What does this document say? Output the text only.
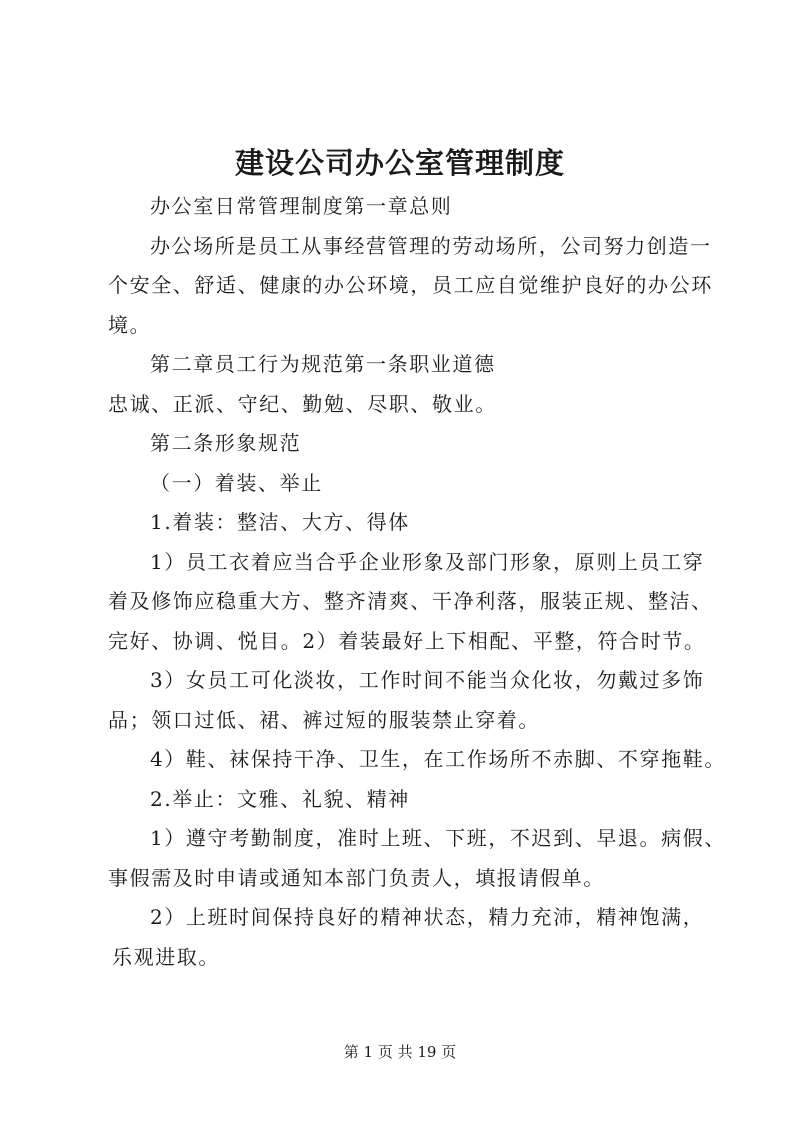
建设公司办公室管理制度

办公室日常管理制度第一章总则

办公场所是员工从事经营管理的劳动场所，公司努力创造一
个安全、舒适、健康的办公环境，员工应自觉维护良好的办公环
境。

第二章员工行为规范第一条职业道德

忠诚、正派、守纪、勤勉、尽职、敬业。

第二条形象规范

（一）着装、举止

1.着装：整洁、大方、得体

1）员工衣着应当合乎企业形象及部门形象，原则上员工穿
着及修饰应稳重大方、整齐清爽、干净利落，服装正规、整洁、
完好、协调、悦目。2）着装最好上下相配、平整，符合时节。

3）女员工可化淡妆，工作时间不能当众化妆，勿戴过多饰
品；领口过低、裙、裤过短的服装禁止穿着。

4）鞋、袜保持干净、卫生，在工作场所不赤脚、不穿拖鞋。

2.举止：文雅、礼貌、精神

1）遵守考勤制度，准时上班、下班，不迟到、早退。病假、
事假需及时申请或通知本部门负责人，填报请假单。

2）上班时间保持良好的精神状态，精力充沛，精神饱满，
乐观进取。

第 1 页 共 19 页
